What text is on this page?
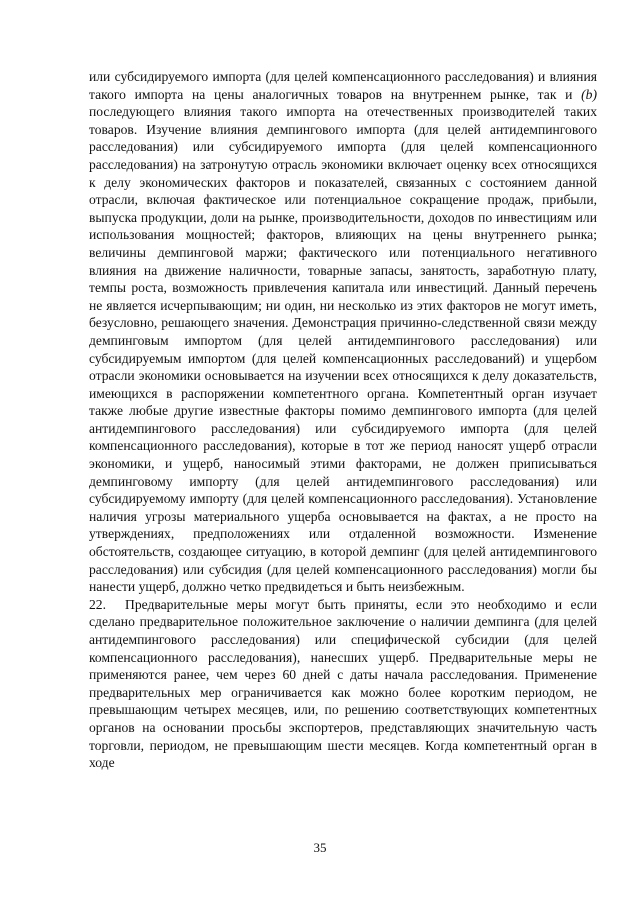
или субсидируемого импорта (для целей компенсационного расследования) и влияния такого импорта на цены аналогичных товаров на внутреннем рынке, так и (b) последующего влияния такого импорта на отечественных производителей таких товаров. Изучение влияния демпингового импорта (для целей антидемпингового расследования) или субсидируемого импорта (для целей компенсационного расследования) на затронутую отрасль экономики включает оценку всех относящихся к делу экономических факторов и показателей, связанных с состоянием данной отрасли, включая фактическое или потенциальное сокращение продаж, прибыли, выпуска продукции, доли на рынке, производительности, доходов по инвестициям или использования мощностей; факторов, влияющих на цены внутреннего рынка; величины демпинговой маржи; фактического или потенциального негативного влияния на движение наличности, товарные запасы, занятость, заработную плату, темпы роста, возможность привлечения капитала или инвестиций. Данный перечень не является исчерпывающим; ни один, ни несколько из этих факторов не могут иметь, безусловно, решающего значения. Демонстрация причинно-следственной связи между демпинговым импортом (для целей антидемпингового расследования) или субсидируемым импортом (для целей компенсационных расследований) и ущербом отрасли экономики основывается на изучении всех относящихся к делу доказательств, имеющихся в распоряжении компетентного органа. Компетентный орган изучает также любые другие известные факторы помимо демпингового импорта (для целей антидемпингового расследования) или субсидируемого импорта (для целей компенсационного расследования), которые в тот же период наносят ущерб отрасли экономики, и ущерб, наносимый этими факторами, не должен приписываться демпинговому импорту (для целей антидемпингового расследования) или субсидируемому импорту (для целей компенсационного расследования). Установление наличия угрозы материального ущерба основывается на фактах, а не просто на утверждениях, предположениях или отдаленной возможности. Изменение обстоятельств, создающее ситуацию, в которой демпинг (для целей антидемпингового расследования) или субсидия (для целей компенсационного расследования) могли бы нанести ущерб, должно четко предвидеться и быть неизбежным.

22. Предварительные меры могут быть приняты, если это необходимо и если сделано предварительное положительное заключение о наличии демпинга (для целей антидемпингового расследования) или специфической субсидии (для целей компенсационного расследования), нанесших ущерб. Предварительные меры не применяются ранее, чем через 60 дней с даты начала расследования. Применение предварительных мер ограничивается как можно более коротким периодом, не превышающим четырех месяцев, или, по решению соответствующих компетентных органов на основании просьбы экспортеров, представляющих значительную часть торговли, периодом, не превышающим шести месяцев. Когда компетентный орган в ходе

35
